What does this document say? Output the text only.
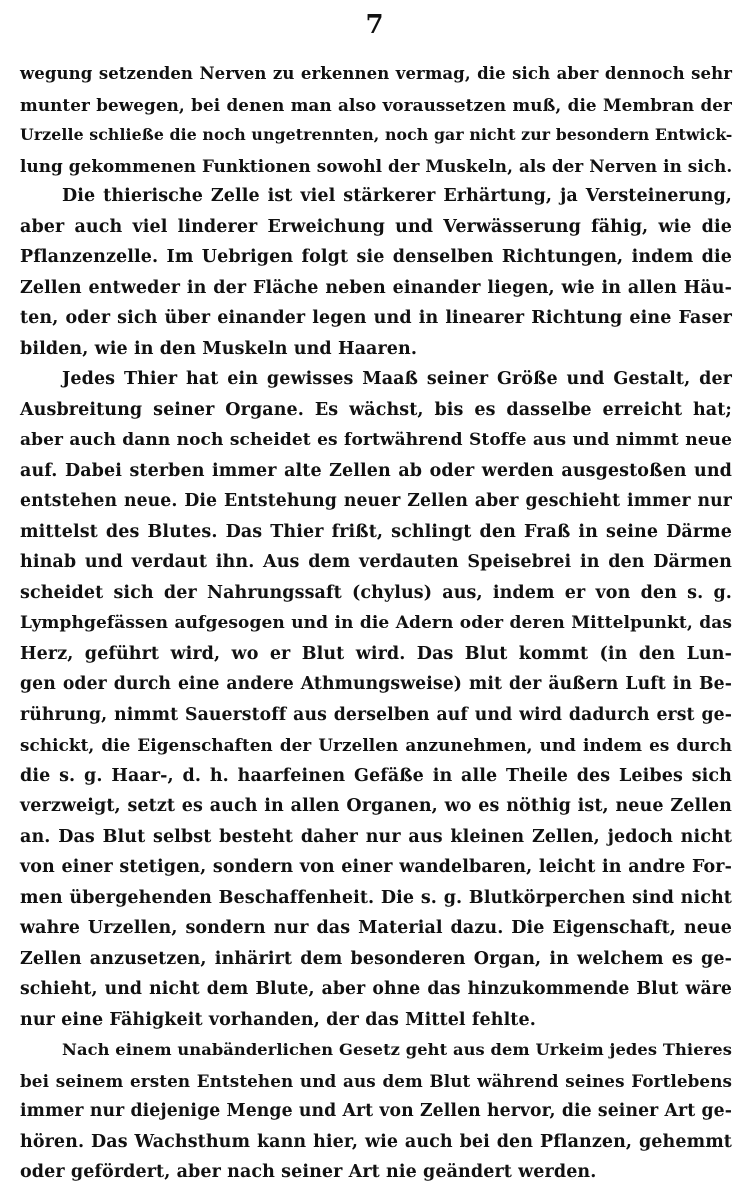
7
wegung setzenden Nerven zu erkennen vermag, die sich aber dennoch sehr
munter bewegen, bei denen man also voraussetzen muß, die Membran der
Urzelle schließe die noch ungetrennten, noch gar nicht zur besondern Entwick-
lung gekommenen Funktionen sowohl der Muskeln, als der Nerven in sich.
Die thierische Zelle ist viel stärkerer Erhärtung, ja Versteinerung,
aber auch viel linderer Erweichung und Verwässerung fähig, wie die
Pflanzenzelle. Im Uebrigen folgt sie denselben Richtungen, indem die
Zellen entweder in der Fläche neben einander liegen, wie in allen Häu-
ten, oder sich über einander legen und in linearer Richtung eine Faser
bilden, wie in den Muskeln und Haaren.
Jedes Thier hat ein gewisses Maaß seiner Größe und Gestalt, der
Ausbreitung seiner Organe. Es wächst, bis es dasselbe erreicht hat;
aber auch dann noch scheidet es fortwährend Stoffe aus und nimmt neue
auf. Dabei sterben immer alte Zellen ab oder werden ausgestoßen und
entstehen neue. Die Entstehung neuer Zellen aber geschieht immer nur
mittelst des Blutes. Das Thier frißt, schlingt den Fraß in seine Därme
hinab und verdaut ihn. Aus dem verdauten Speisebrei in den Därmen
scheidet sich der Nahrungssaft (chylus) aus, indem er von den s. g.
Lymphgefässen aufgesogen und in die Adern oder deren Mittelpunkt, das
Herz, geführt wird, wo er Blut wird. Das Blut kommt (in den Lun-
gen oder durch eine andere Athmungsweise) mit der äußern Luft in Be-
rührung, nimmt Sauerstoff aus derselben auf und wird dadurch erst ge-
schickt, die Eigenschaften der Urzellen anzunehmen, und indem es durch
die s. g. Haar-, d. h. haarfeinen Gefäße in alle Theile des Leibes sich
verzweigt, setzt es auch in allen Organen, wo es nöthig ist, neue Zellen
an. Das Blut selbst besteht daher nur aus kleinen Zellen, jedoch nicht
von einer stetigen, sondern von einer wandelbaren, leicht in andre For-
men übergehenden Beschaffenheit. Die s. g. Blutkörperchen sind nicht
wahre Urzellen, sondern nur das Material dazu. Die Eigenschaft, neue
Zellen anzusetzen, inhärirt dem besonderen Organ, in welchem es ge-
schieht, und nicht dem Blute, aber ohne das hinzukommende Blut wäre
nur eine Fähigkeit vorhanden, der das Mittel fehlte.
Nach einem unabänderlichen Gesetz geht aus dem Urkeim jedes Thieres
bei seinem ersten Entstehen und aus dem Blut während seines Fortlebens
immer nur diejenige Menge und Art von Zellen hervor, die seiner Art ge-
hören. Das Wachsthum kann hier, wie auch bei den Pflanzen, gehemmt
oder gefördert, aber nach seiner Art nie geändert werden.
